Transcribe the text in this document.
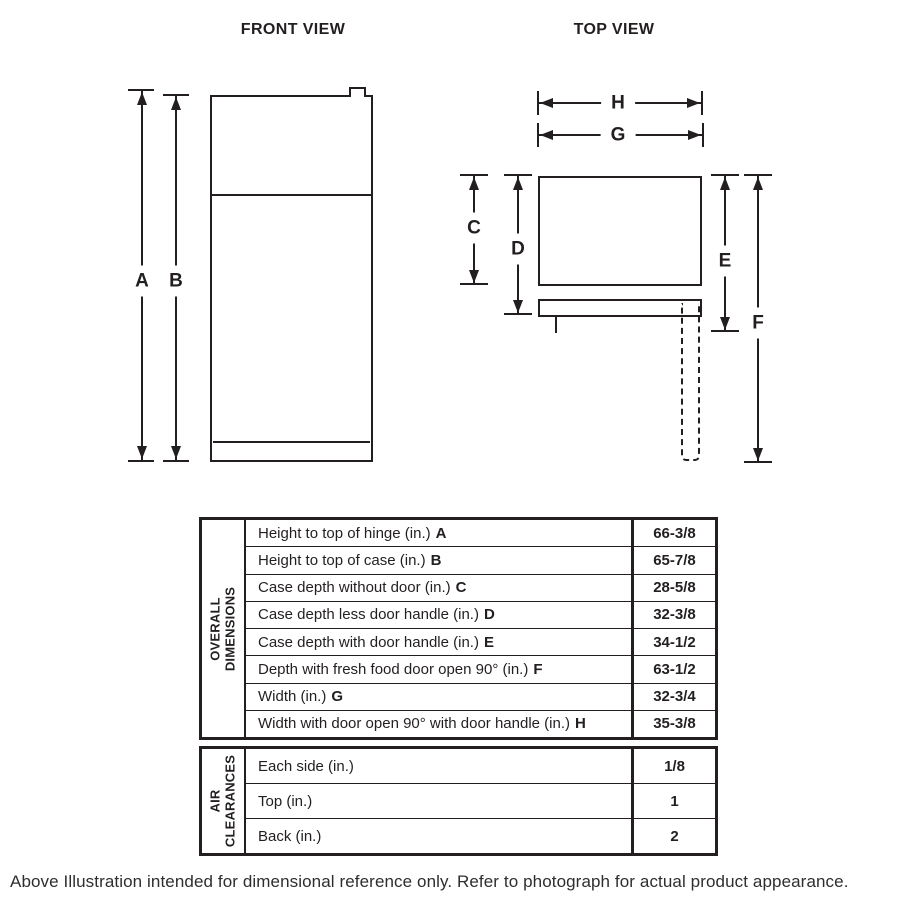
FRONT VIEW
A B
TOP VIEW
H
G
C
D
E
F
OVERALL DIMENSIONS
Height to top of hinge (in.) A	66-3/8
Height to top of case (in.) B	65-7/8
Case depth without door (in.) C	28-5/8
Case depth less door handle (in.) D	32-3/8
Case depth with door handle (in.) E	34-1/2
Depth with fresh food door open 90° (in.) F	63-1/2
Width (in.) G	32-3/4
Width with door open 90° with door handle (in.) H	35-3/8
AIR CLEARANCES Each side (in.)	1/8
Top (in.)	1
Back (in.)	2
Above Illustration intended for dimensional reference only. Refer to photograph for actual product appearance.
